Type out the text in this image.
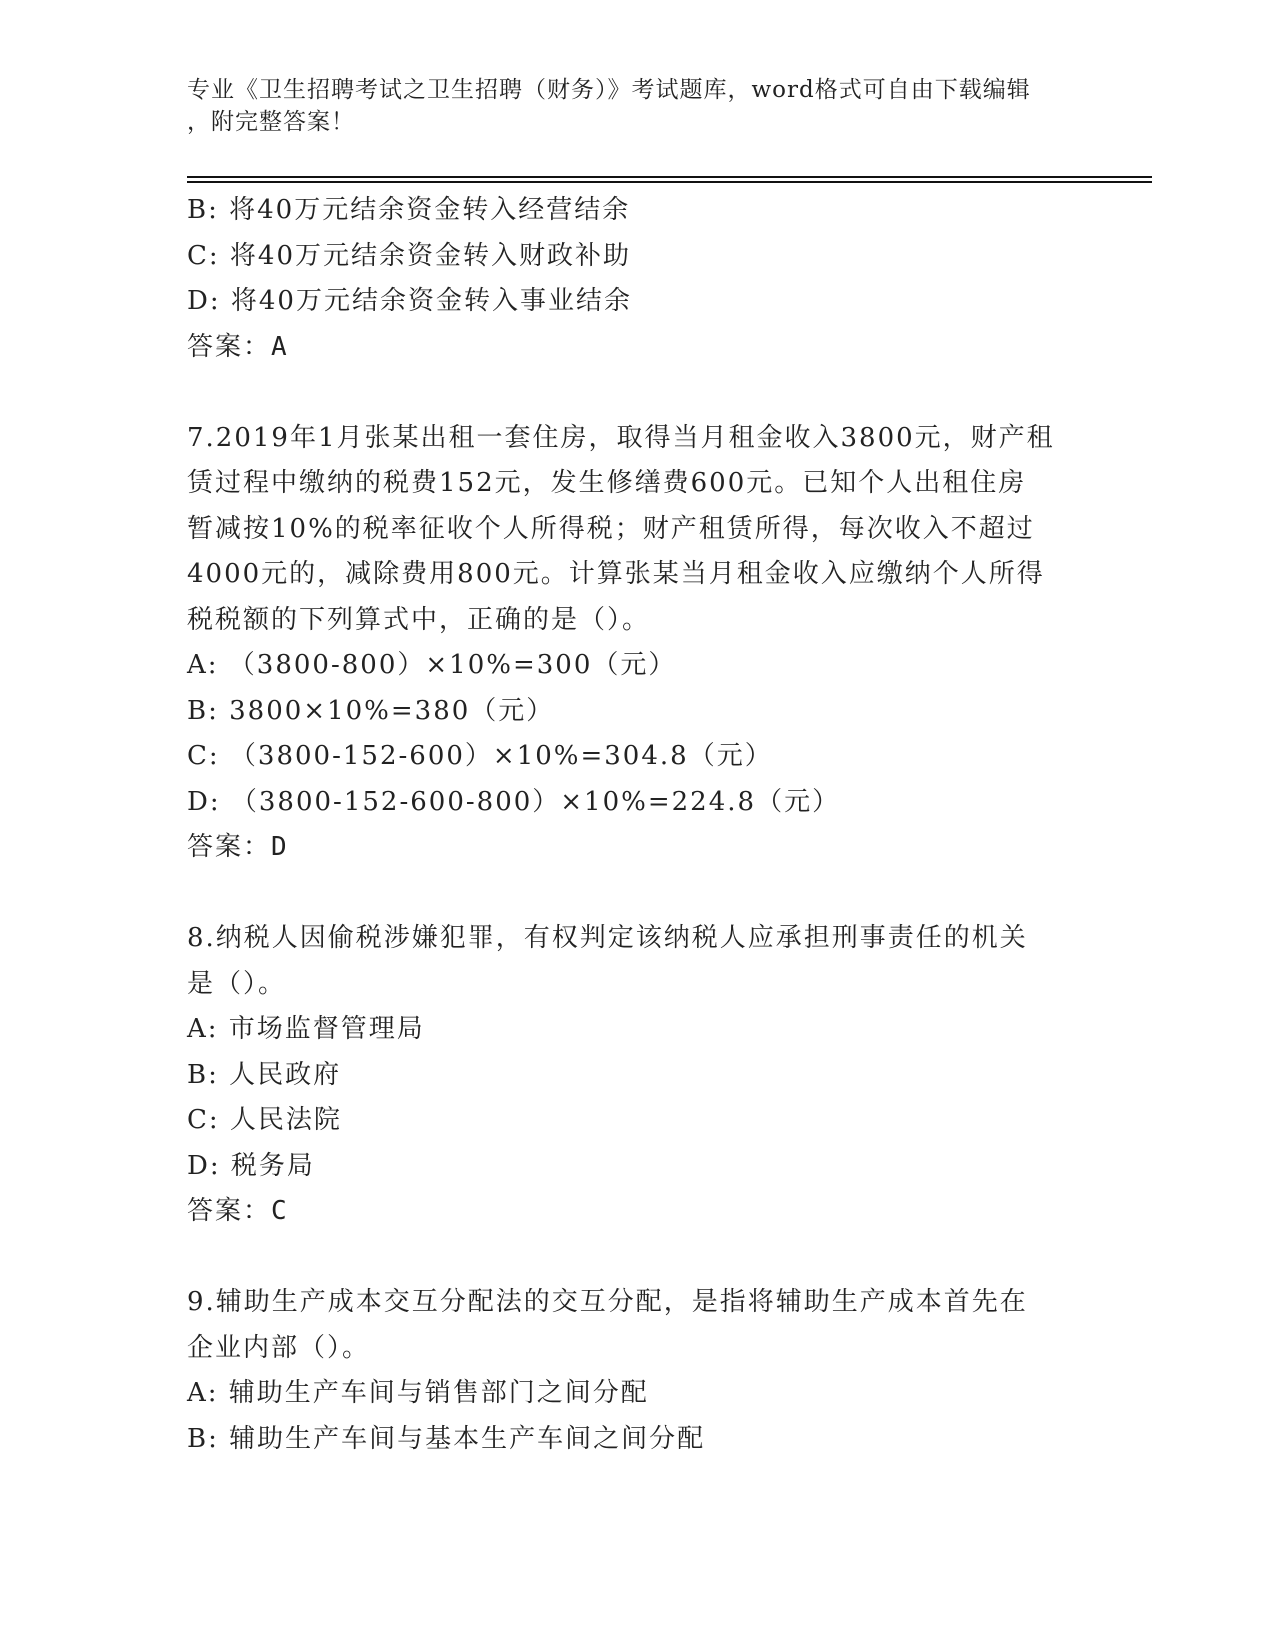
专业《卫生招聘考试之卫生招聘（财务）》考试题库，word格式可自由下载编辑
，附完整答案！
B: 将40万元结余资金转入经营结余
C: 将40万元结余资金转入财政补助
D: 将40万元结余资金转入事业结余
答案：A
7.2019年1月张某出租一套住房，取得当月租金收入3800元，财产租
赁过程中缴纳的税费152元，发生修缮费600元。已知个人出租住房
暂减按10%的税率征收个人所得税；财产租赁所得，每次收入不超过
4000元的，减除费用800元。计算张某当月租金收入应缴纳个人所得
税税额的下列算式中，正确的是（）。
A: （3800-800）×10%=300（元）
B: 3800×10%=380（元）
C: （3800-152-600）×10%=304.8（元）
D: （3800-152-600-800）×10%=224.8（元）
答案：D
8.纳税人因偷税涉嫌犯罪，有权判定该纳税人应承担刑事责任的机关
是（）。
A: 市场监督管理局
B: 人民政府
C: 人民法院
D: 税务局
答案：C
9.辅助生产成本交互分配法的交互分配，是指将辅助生产成本首先在
企业内部（）。
A: 辅助生产车间与销售部门之间分配
B: 辅助生产车间与基本生产车间之间分配
